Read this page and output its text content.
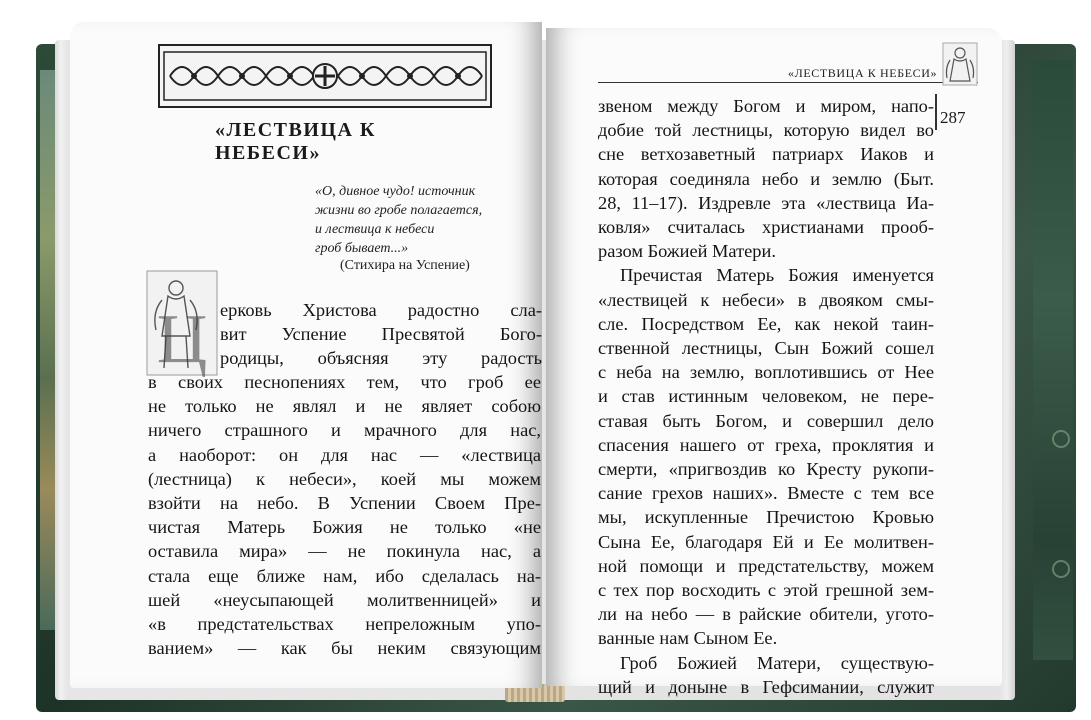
«ЛЕСТВИЦА К НЕБЕСИ»
«О, дивное чудо! источник
жизни во гробе полагается,
и лествица к небеси
гроб бывает...»
(Стихира на Успение)
Ц ерковь Христова радостно сла-
вит Успение Пресвятой Бого-
родицы, объясняя эту радость
в своих песнопениях тем, что гроб ее
не только не являл и не являет собою
ничего страшного и мрачного для нас,
а наоборот: он для нас — «лествица
(лестница) к небеси», коей мы можем
взойти на небо. В Успении Своем Пре-
чистая Матерь Божия не только «не
оставила мира» — не покинула нас, а
стала еще ближе нам, ибо сделалась на-
шей «неусыпающей молитвенницей» и
«в предстательствах непреложным упо-
ванием» — как бы неким связующим
«ЛЕСТВИЦА К НЕБЕСИ»
287
звеном между Богом и миром, напо-
добие той лестницы, которую видел во
сне ветхозаветный патриарх Иаков и
которая соединяла небо и землю (Быт.
28, 11–17). Издревле эта «лествица Иа-
ковля» считалась христианами прооб-
разом Божией Матери.
Пречистая Матерь Божия именуется
«лествицей к небеси» в двояком смы-
сле. Посредством Ее, как некой таин-
ственной лестницы, Сын Божий сошел
с неба на землю, воплотившись от Нее
и став истинным человеком, не пере-
ставая быть Богом, и совершил дело
спасения нашего от греха, проклятия и
смерти, «пригвоздив ко Кресту рукопи-
сание грехов наших». Вместе с тем все
мы, искупленные Пречистою Кровью
Сына Ее, благодаря Ей и Ее молитвен-
ной помощи и предстательству, можем
с тех пор восходить с этой грешной зем-
ли на небо — в райские обители, угото-
ванные нам Сыном Ее.
Гроб Божией Матери, существую-
щий и доныне в Гефсимании, служит
